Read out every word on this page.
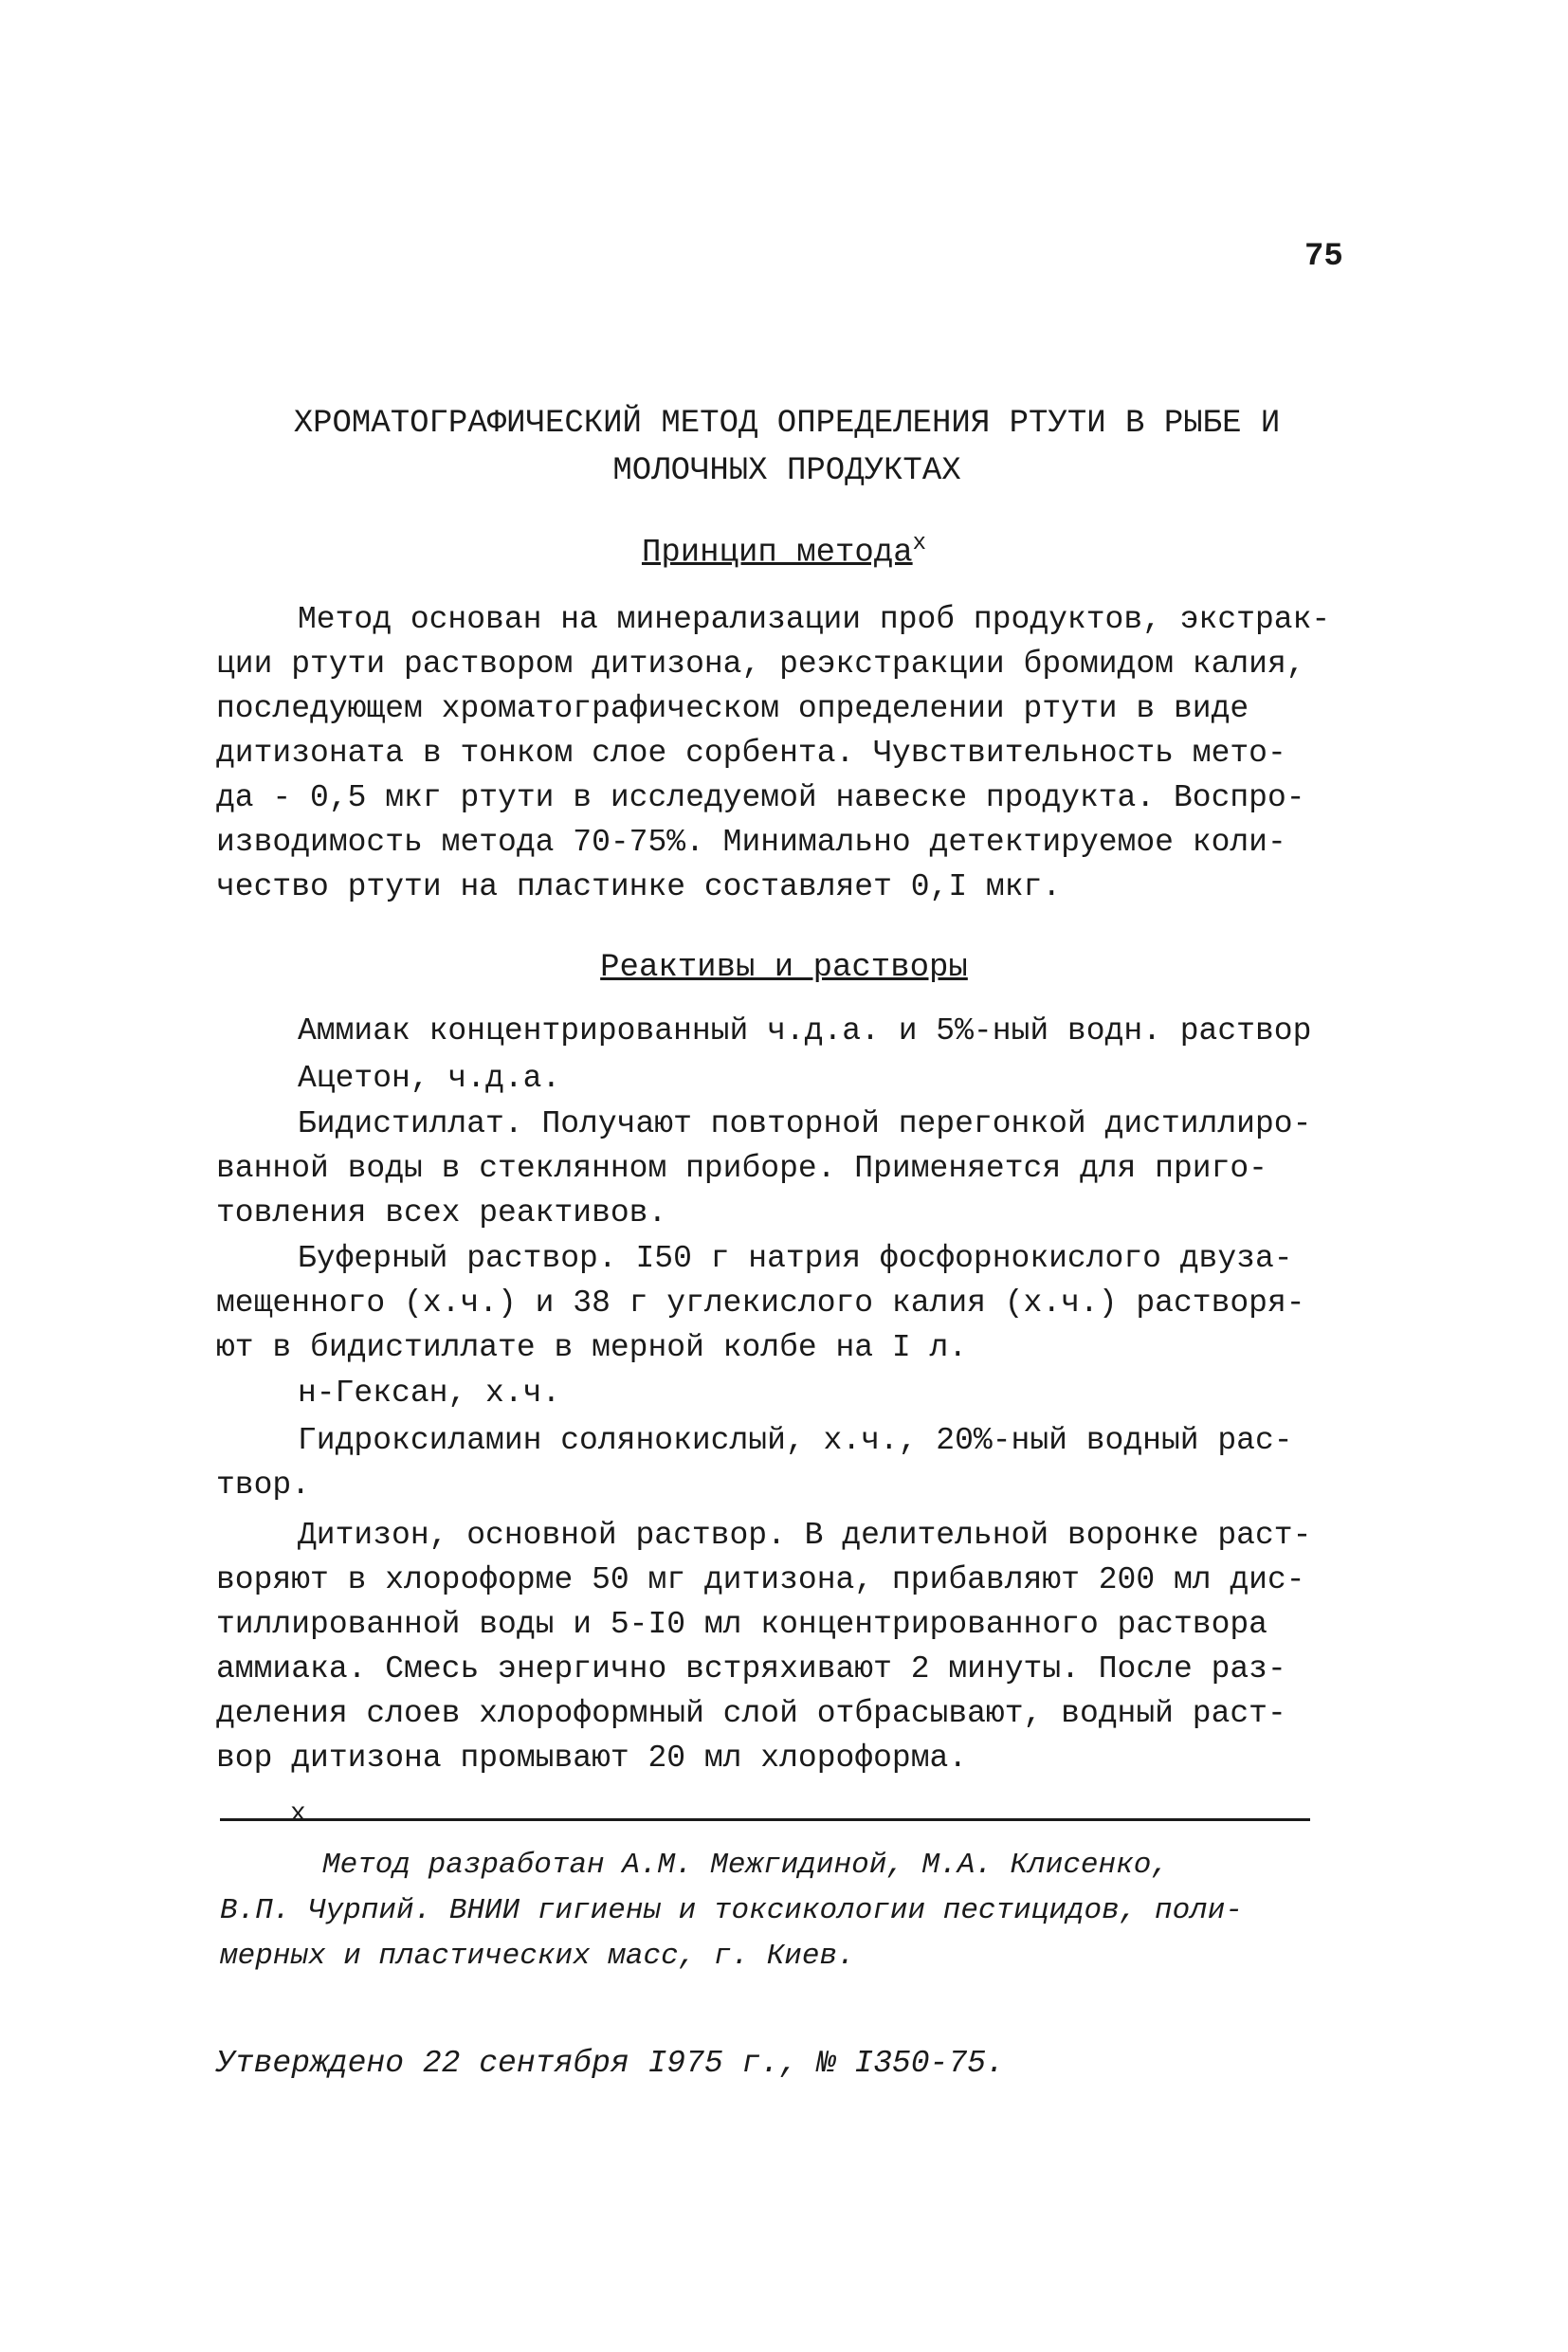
75
ХРОМАТОГРАФИЧЕСКИЙ МЕТОД ОПРЕДЕЛЕНИЯ РТУТИ В РЫБЕ И
МОЛОЧНЫХ ПРОДУКТАХ
Принцип метода$^х$
Метод основан на минерализации проб продуктов, экстрак-
ции ртути раствором дитизона, реэкстракции бромидом калия,
последующем хроматографическом определении ртути в виде
дитизоната в тонком слое сорбента. Чувствительность мето-
да - 0,5 мкг ртути в исследуемой навеске продукта. Воспро-
изводимость метода 70-75%. Минимально детектируемое коли-
чество ртути на пластинке составляет 0,I мкг.
Реактивы и растворы
Аммиак концентрированный ч.д.а. и 5%-ный водн. раствор
Ацетон, ч.д.а.
Бидистиллат. Получают повторной перегонкой дистиллиро-
ванной воды в стеклянном приборе. Применяется для приго-
товления всех реактивов.
Буферный раствор. I50 г натрия фосфорнокислого двуза-
мещенного (х.ч.) и 38 г углекислого калия (х.ч.) растворя-
ют в бидистиллате в мерной колбе на I л.
н-Гексан, х.ч.
Гидроксиламин солянокислый, х.ч., 20%-ный водный рас-
твор.
Дитизон, основной раствор. В делительной воронке раст-
воряют в хлороформе 50 мг дитизона, прибавляют 200 мл дис-
тиллированной воды и 5-I0 мл концентрированного раствора
аммиака. Смесь энергично встряхивают 2 минуты. После раз-
деления слоев хлороформный слой отбрасывают, водный раст-
вор дитизона промывают 20 мл хлороформа.
х
Метод разработан А.М. Межгидиной, М.А. Клисенко,
В.П. Чурпий. ВНИИ гигиены и токсикологии пестицидов, поли-
мерных и пластических масс, г. Киев.
Утверждено 22 сентября I975 г., № I350-75.
